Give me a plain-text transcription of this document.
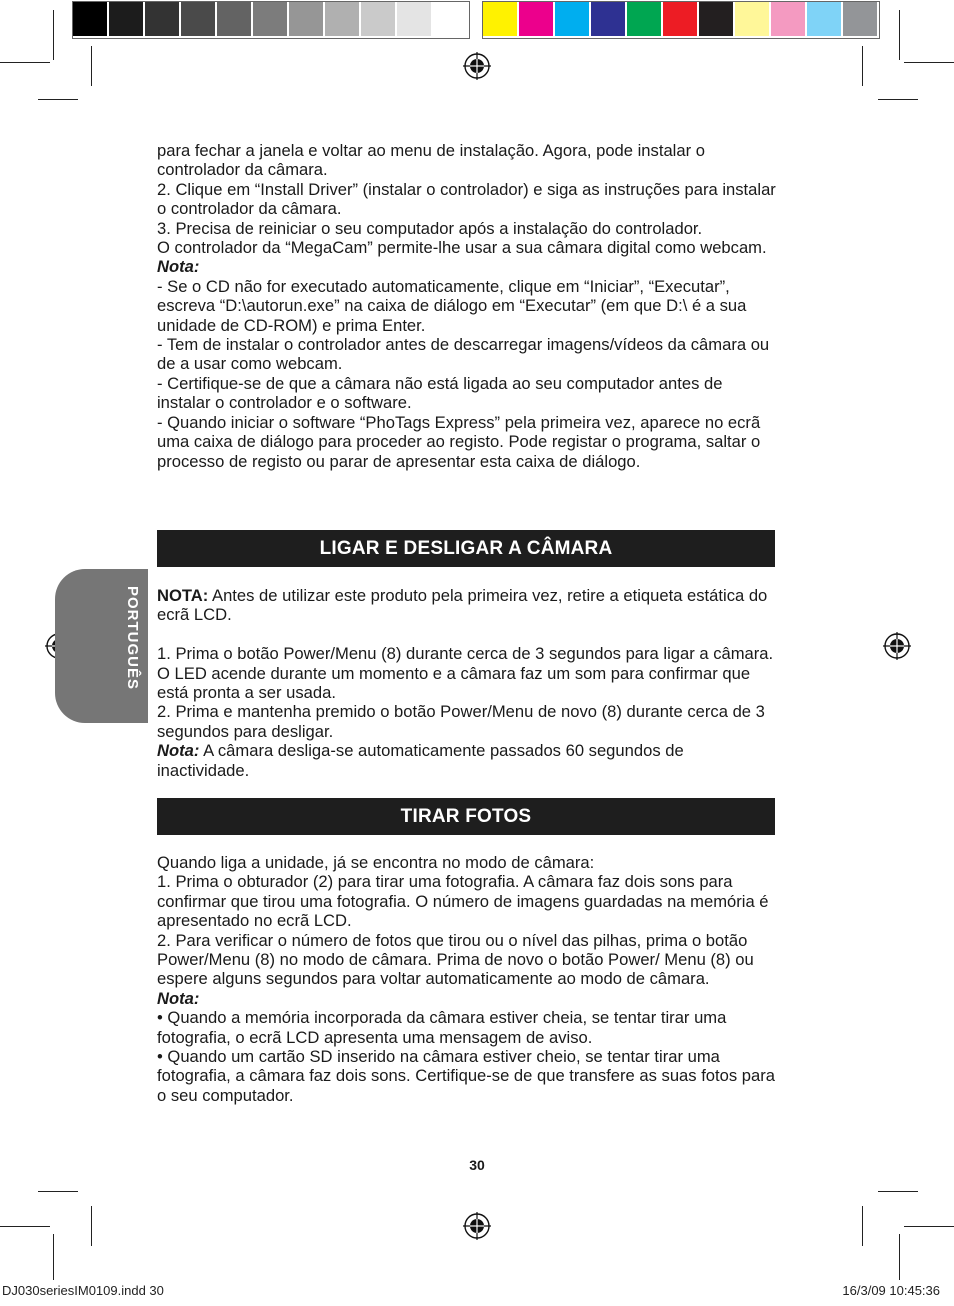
PORTUGUÊS

para fechar a janela e voltar ao menu de instalação. Agora, pode instalar o controlador da câmara.

2. Clique em “Install Driver” (instalar o controlador) e siga as instruções para instalar o controlador da câmara.

3. Precisa de reiniciar o seu computador após a instalação do controlador.

O controlador da “MegaCam” permite-lhe usar a sua câmara digital como webcam.

Nota:

- Se o CD não for executado automaticamente, clique em “Iniciar”, “Executar”, escreva “D:\autorun.exe” na caixa de diálogo em “Executar” (em que D:\ é a sua unidade de CD-ROM) e prima Enter.

- Tem de instalar o controlador antes de descarregar imagens/vídeos da câmara ou de a usar como webcam.

- Certifique-se de que a câmara não está ligada ao seu computador antes de instalar o controlador e o software.

- Quando iniciar o software “PhoTags Express” pela primeira vez, aparece no ecrã uma caixa de diálogo para proceder ao registo. Pode registar o programa, saltar o processo de registo ou parar de apresentar esta caixa de diálogo.

LIGAR E DESLIGAR A CÂMARA

NOTA: Antes de utilizar este produto pela primeira vez, retire a etiqueta estática do ecrã LCD.

1. Prima o botão Power/Menu (8) durante cerca de 3 segundos para ligar a câmara. O LED acende durante um momento e a câmara faz um som para confirmar que está pronta a ser usada.

2. Prima e mantenha premido o botão Power/Menu de novo (8) durante cerca de 3 segundos para desligar.

Nota: A câmara desliga-se automaticamente passados 60 segundos de inactividade.

TIRAR FOTOS

Quando liga a unidade, já se encontra no modo de câmara:

1. Prima o obturador (2) para tirar uma fotografia. A câmara faz dois sons para confirmar que tirou uma fotografia. O número de imagens guardadas na memória é apresentado no ecrã LCD.

2. Para verificar o número de fotos que tirou ou o nível das pilhas, prima o botão Power/Menu (8) no modo de câmara. Prima de novo o botão Power/ Menu (8) ou espere alguns segundos para voltar automaticamente ao modo de câmara.

Nota:

• Quando a memória incorporada da câmara estiver cheia, se tentar tirar uma fotografia, o ecrã LCD apresenta uma mensagem de aviso.

• Quando um cartão SD inserido na câmara estiver cheio, se tentar tirar uma fotografia, a câmara faz dois sons. Certifique-se de que transfere as suas fotos para o seu computador.

30
DJ030seriesIM0109.indd 30	16/3/09 10:45:36
